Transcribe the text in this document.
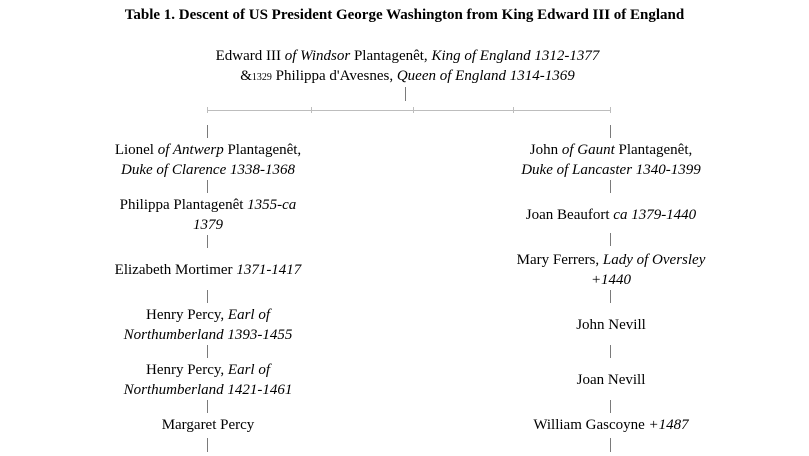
Table 1. Descent of US President George Washington from King Edward III of England
Edward III of Windsor Plantagenêt, King of England 1312-1377
&1329 Philippa d'Avesnes, Queen of England 1314-1369
Lionel of Antwerp Plantagenêt,
Duke of Clarence 1338-1368
Philippa Plantagenêt 1355-ca
1379
Elizabeth Mortimer 1371-1417
Henry Percy, Earl of
Northumberland 1393-1455
Henry Percy, Earl of
Northumberland 1421-1461
Margaret Percy
John of Gaunt Plantagenêt,
Duke of Lancaster 1340-1399
Joan Beaufort ca 1379-1440
Mary Ferrers, Lady of Oversley
+1440
John Nevill
Joan Nevill
William Gascoyne +1487
